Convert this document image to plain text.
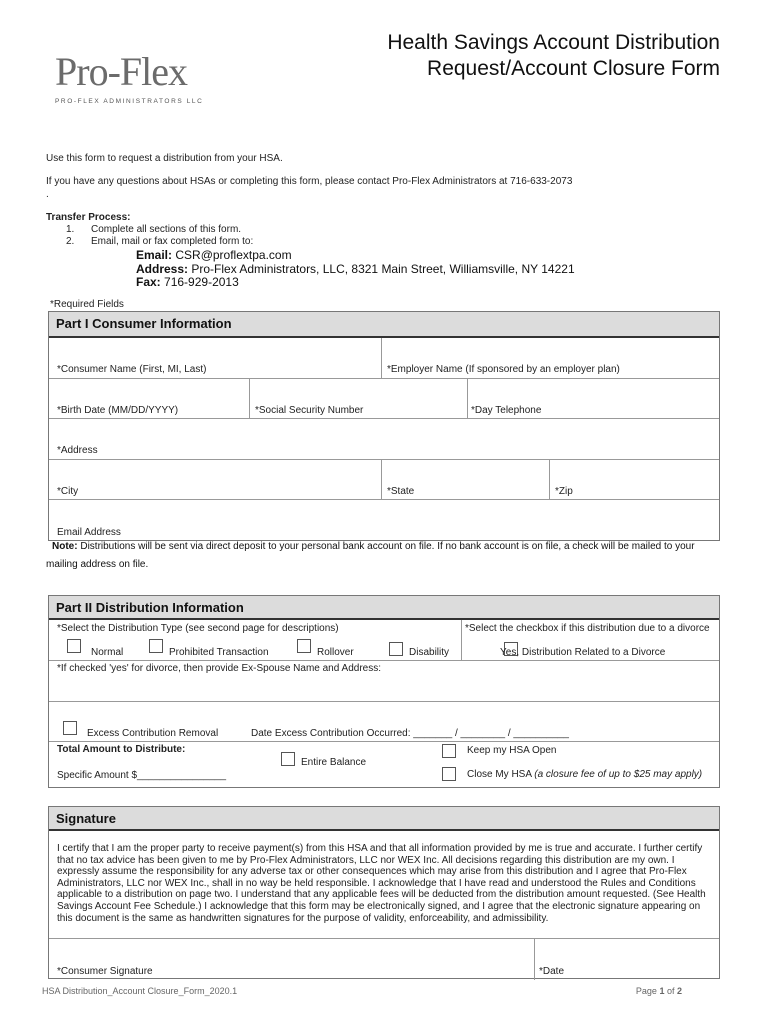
Pro-Flex
PRO-FLEX ADMINISTRATORS LLC
Health Savings Account Distribution
Request/Account Closure Form
Use this form to request a distribution from your HSA.
If you have any questions about HSAs or completing this form, please contact Pro-Flex Administrators at 716-633-2073
.
Transfer Process:
1. Complete all sections of this form.
2. Email, mail or fax completed form to:
Email: CSR@proflextpa.com
Address: Pro-Flex Administrators, LLC, 8321 Main Street, Williamsville, NY 14221
Fax: 716-929-2013
*Required Fields
Part I Consumer Information
*Consumer Name (First, MI, Last)	*Employer Name (If sponsored by an employer plan)
*Birth Date (MM/DD/YYYY)	*Social Security Number	*Day Telephone
*Address
*City	*State	*Zip
Email Address
Note: Distributions will be sent via direct deposit to your personal bank account on file. If no bank account is on file, a check will be mailed to your
mailing address on file.
Part II Distribution Information
*Select the Distribution Type (see second page for descriptions)	*Select the checkbox if this distribution due to a divorce
Normal	Prohibited Transaction	Rollover	Disability	Yes, Distribution Related to a Divorce
*If checked 'yes' for divorce, then provide Ex-Spouse Name and Address:
Excess Contribution Removal	Date Excess Contribution Occurred: _______ / ________ / __________
Total Amount to Distribute:
Entire Balance
Keep my HSA Open
Close My HSA (a closure fee of up to $25 may apply)
Specific Amount $________________
Signature
I certify that I am the proper party to receive payment(s) from this HSA and that all information provided by me is true and accurate. I further certify that no tax advice has been given to me by Pro-Flex Administrators, LLC nor WEX Inc. All decisions regarding this distribution are my own. I expressly assume the responsibility for any adverse tax or other consequences which may arise from this distribution and I agree that Pro-Flex Administrators, LLC nor WEX Inc., shall in no way be held responsible. I acknowledge that I have read and understood the Rules and Conditions applicable to a distribution on page two. I understand that any applicable fees will be deducted from the distribution amount requested. (See Health Savings Account Fee Schedule.) I acknowledge that this form may be electronically signed, and I agree that the electronic signature appearing on this document is the same as handwritten signatures for the purpose of validity, enforceability, and admissibility.
*Consumer Signature	*Date
HSA Distribution_Account Closure_Form_2020.1	Page 1 of 2
